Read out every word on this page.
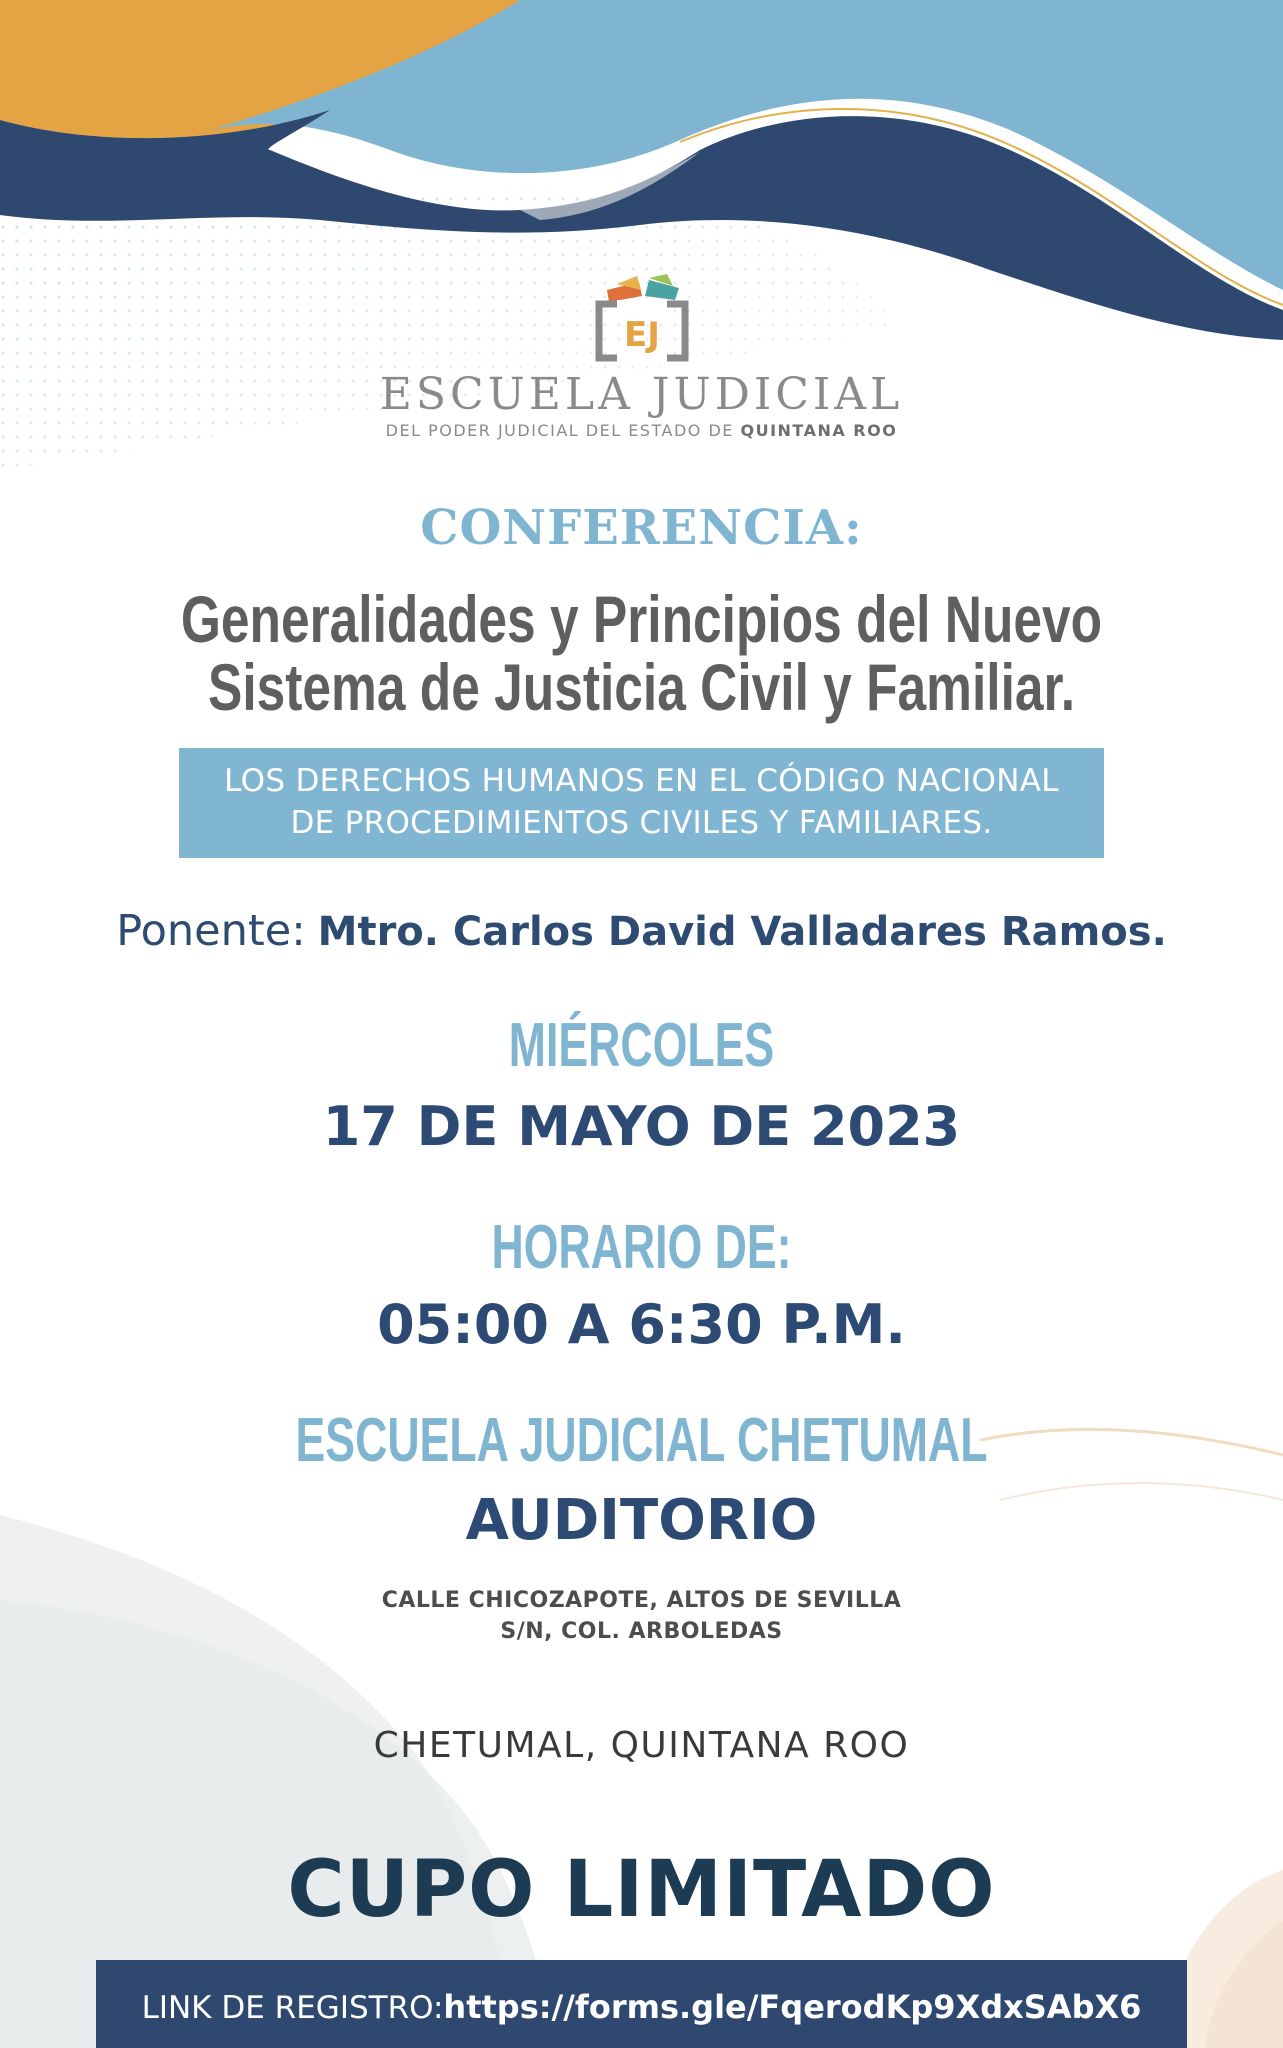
EJ
ESCUELA JUDICIAL
DEL PODER JUDICIAL DEL ESTADO DE QUINTANA ROO
CONFERENCIA:
Generalidades y Principios del Nuevo
Sistema de Justicia Civil y Familiar.
LOS DERECHOS HUMANOS EN EL CÓDIGO NACIONAL
DE PROCEDIMIENTOS CIVILES Y FAMILIARES.
Ponente: Mtro. Carlos David Valladares Ramos.
MIÉRCOLES
17 DE MAYO DE 2023
HORARIO DE:
05:00 A 6:30 P.M.
ESCUELA JUDICIAL CHETUMAL
AUDITORIO
CALLE CHICOZAPOTE, ALTOS DE SEVILLA
S/N, COL. ARBOLEDAS
CHETUMAL, QUINTANA ROO
CUPO LIMITADO
LINK DE REGISTRO:https://forms.gle/FqerodKp9XdxSAbX6
